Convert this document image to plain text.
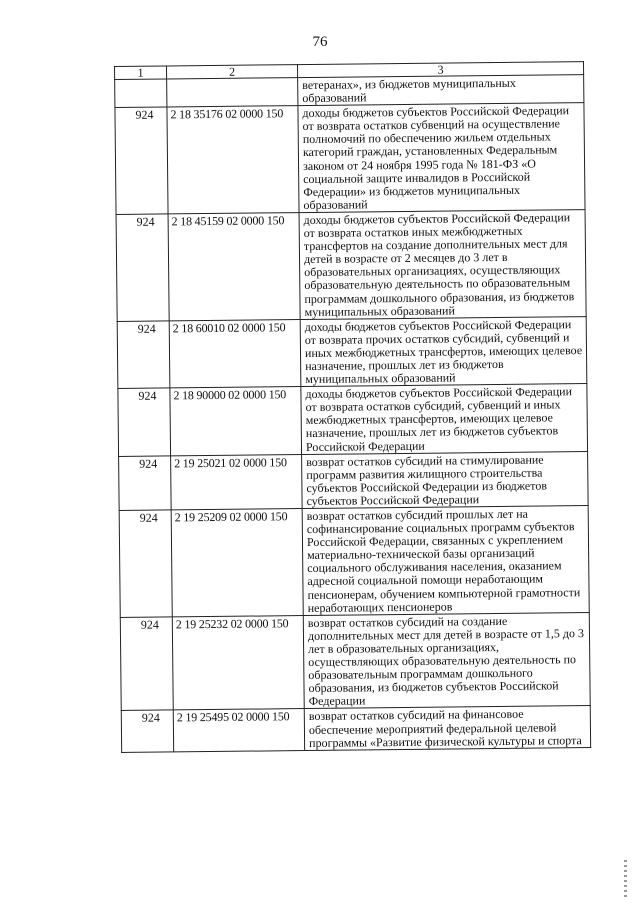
76
1	2	3
		ветеранах», из бюджетов муниципальных образований
924	2 18 35176 02 0000 150	доходы бюджетов субъектов Российской Федерации от возврата остатков субвенций на осуществление полномочий по обеспечению жильем отдельных категорий граждан, установленных Федеральным законом от 24 ноября 1995 года № 181-ФЗ «О социальной защите инвалидов в Российской Федерации» из бюджетов муниципальных образований
924	2 18 45159 02 0000 150	доходы бюджетов субъектов Российской Федерации от возврата остатков иных межбюджетных трансфертов на создание дополнительных мест для детей в возрасте от 2 месяцев до 3 лет в образовательных организациях, осуществляющих образовательную деятельность по образовательным программам дошкольного образования, из бюджетов муниципальных образований
924	2 18 60010 02 0000 150	доходы бюджетов субъектов Российской Федерации от возврата прочих остатков субсидий, субвенций и иных межбюджетных трансфертов, имеющих целевое назначение, прошлых лет из бюджетов муниципальных образований
924	2 18 90000 02 0000 150	доходы бюджетов субъектов Российской Федерации от возврата остатков субсидий, субвенций и иных межбюджетных трансфертов, имеющих целевое назначение, прошлых лет из бюджетов субъектов Российской Федерации
924	2 19 25021 02 0000 150	возврат остатков субсидий на стимулирование программ развития жилищного строительства субъектов Российской Федерации из бюджетов субъектов Российской Федерации
924	2 19 25209 02 0000 150	возврат остатков субсидий прошлых лет на софинансирование социальных программ субъектов Российской Федерации, связанных с укреплением материально-технической базы организаций социального обслуживания населения, оказанием адресной социальной помощи неработающим пенсионерам, обучением компьютерной грамотности неработающих пенсионеров
924	2 19 25232 02 0000 150	возврат остатков субсидий на создание дополнительных мест для детей в возрасте от 1,5 до 3 лет в образовательных организациях, осуществляющих образовательную деятельность по образовательным программам дошкольного образования, из бюджетов субъектов Российской Федерации
924	2 19 25495 02 0000 150	возврат остатков субсидий на финансовое обеспечение мероприятий федеральной целевой программы «Развитие физической культуры и спорта
